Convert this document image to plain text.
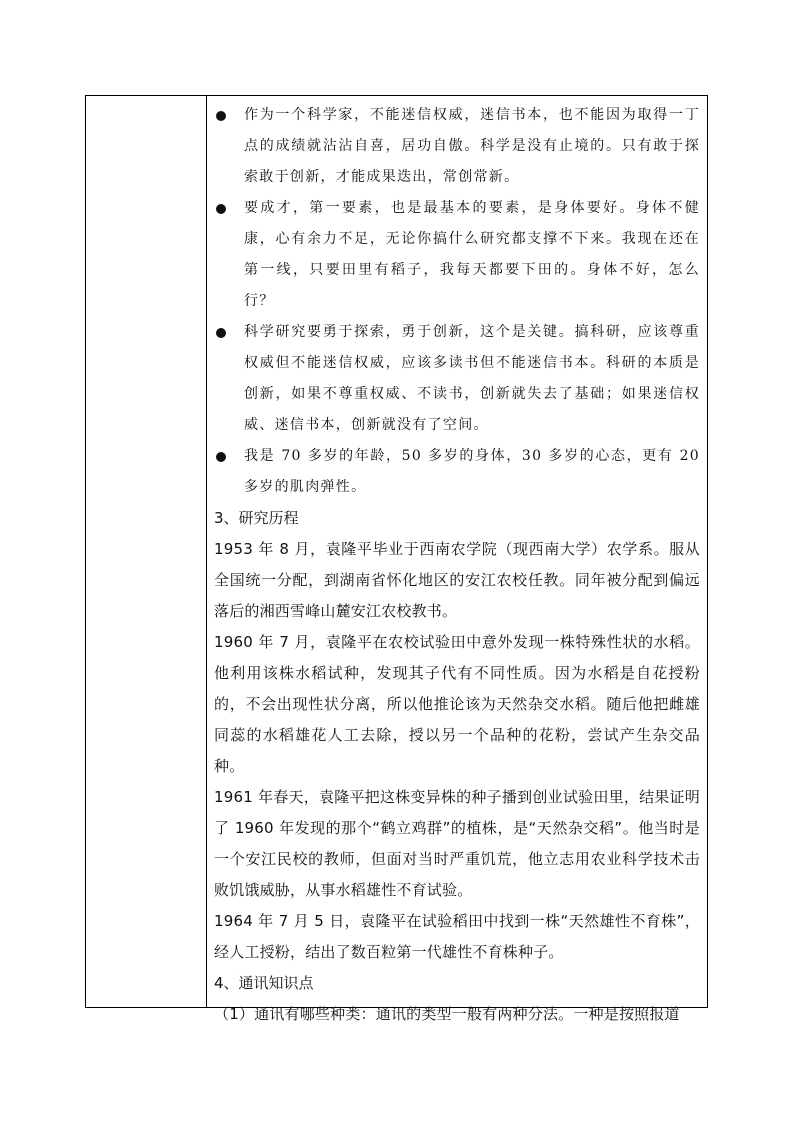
作为一个科学家，不能迷信权威，迷信书本，也不能因为取得一丁点的成绩就沾沾自喜，居功自傲。科学是没有止境的。只有敢于探索敢于创新，才能成果迭出，常创常新。
要成才，第一要素，也是最基本的要素，是身体要好。身体不健康，心有余力不足，无论你搞什么研究都支撑不下来。我现在还在第一线，只要田里有稻子，我每天都要下田的。身体不好，怎么行？
科学研究要勇于探索，勇于创新，这个是关键。搞科研，应该尊重权威但不能迷信权威，应该多读书但不能迷信书本。科研的本质是创新，如果不尊重权威、不读书，创新就失去了基础；如果迷信权威、迷信书本，创新就没有了空间。
我是 70 多岁的年龄，50 多岁的身体，30 多岁的心态，更有 20 多岁的肌肉弹性。

3、研究历程

1953 年 8 月，袁隆平毕业于西南农学院（现西南大学）农学系。服从全国统一分配，到湖南省怀化地区的安江农校任教。同年被分配到偏远落后的湘西雪峰山麓安江农校教书。

1960 年 7 月，袁隆平在农校试验田中意外发现一株特殊性状的水稻。他利用该株水稻试种，发现其子代有不同性质。因为水稻是自花授粉的，不会出现性状分离，所以他推论该为天然杂交水稻。随后他把雌雄同蕊的水稻雄花人工去除，授以另一个品种的花粉，尝试产生杂交品种。

1961 年春天，袁隆平把这株变异株的种子播到创业试验田里，结果证明了 1960 年发现的那个“鹤立鸡群”的植株，是“天然杂交稻”。他当时是一个安江民校的教师，但面对当时严重饥荒，他立志用农业科学技术击败饥饿威胁，从事水稻雄性不育试验。

1964 年 7 月 5 日，袁隆平在试验稻田中找到一株“天然雄性不育株”，经人工授粉，结出了数百粒第一代雄性不育株种子。

4、通讯知识点

（1）通讯有哪些种类：通讯的类型一般有两种分法。一种是按照报道
